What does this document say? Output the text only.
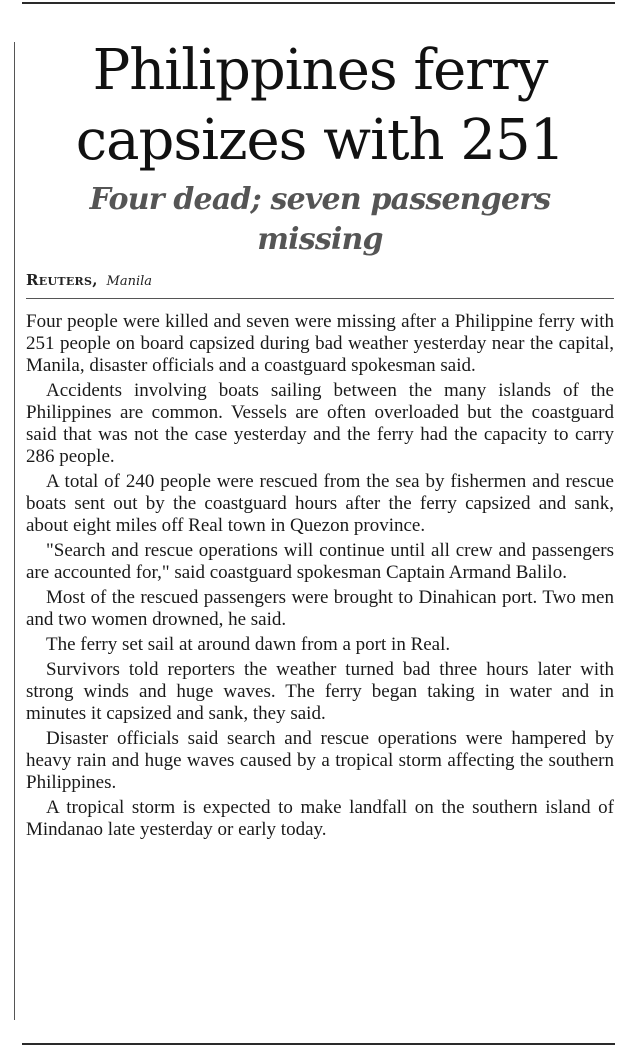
Philippines ferry
capsizes with 251
Four dead; seven passengers missing
Reuters, Manila

Four people were killed and seven were missing after a Philippine ferry with 251 people on board capsized during bad weather yesterday near the capital, Manila, disaster officials and a coastguard spokesman said.

Accidents involving boats sailing between the many islands of the Philippines are common. Vessels are often overloaded but the coastguard said that was not the case yesterday and the ferry had the capacity to carry 286 people.

A total of 240 people were rescued from the sea by fishermen and rescue boats sent out by the coastguard hours after the ferry capsized and sank, about eight miles off Real town in Quezon province.

"Search and rescue operations will continue until all crew and passengers are accounted for," said coastguard spokesman Captain Armand Balilo.

Most of the rescued passengers were brought to Dinahican port. Two men and two women drowned, he said.

The ferry set sail at around dawn from a port in Real.

Survivors told reporters the weather turned bad three hours later with strong winds and huge waves. The ferry began taking in water and in minutes it capsized and sank, they said.

Disaster officials said search and rescue operations were hampered by heavy rain and huge waves caused by a tropical storm affecting the southern Philippines.

A tropical storm is expected to make landfall on the southern island of Mindanao late yesterday or early today.
